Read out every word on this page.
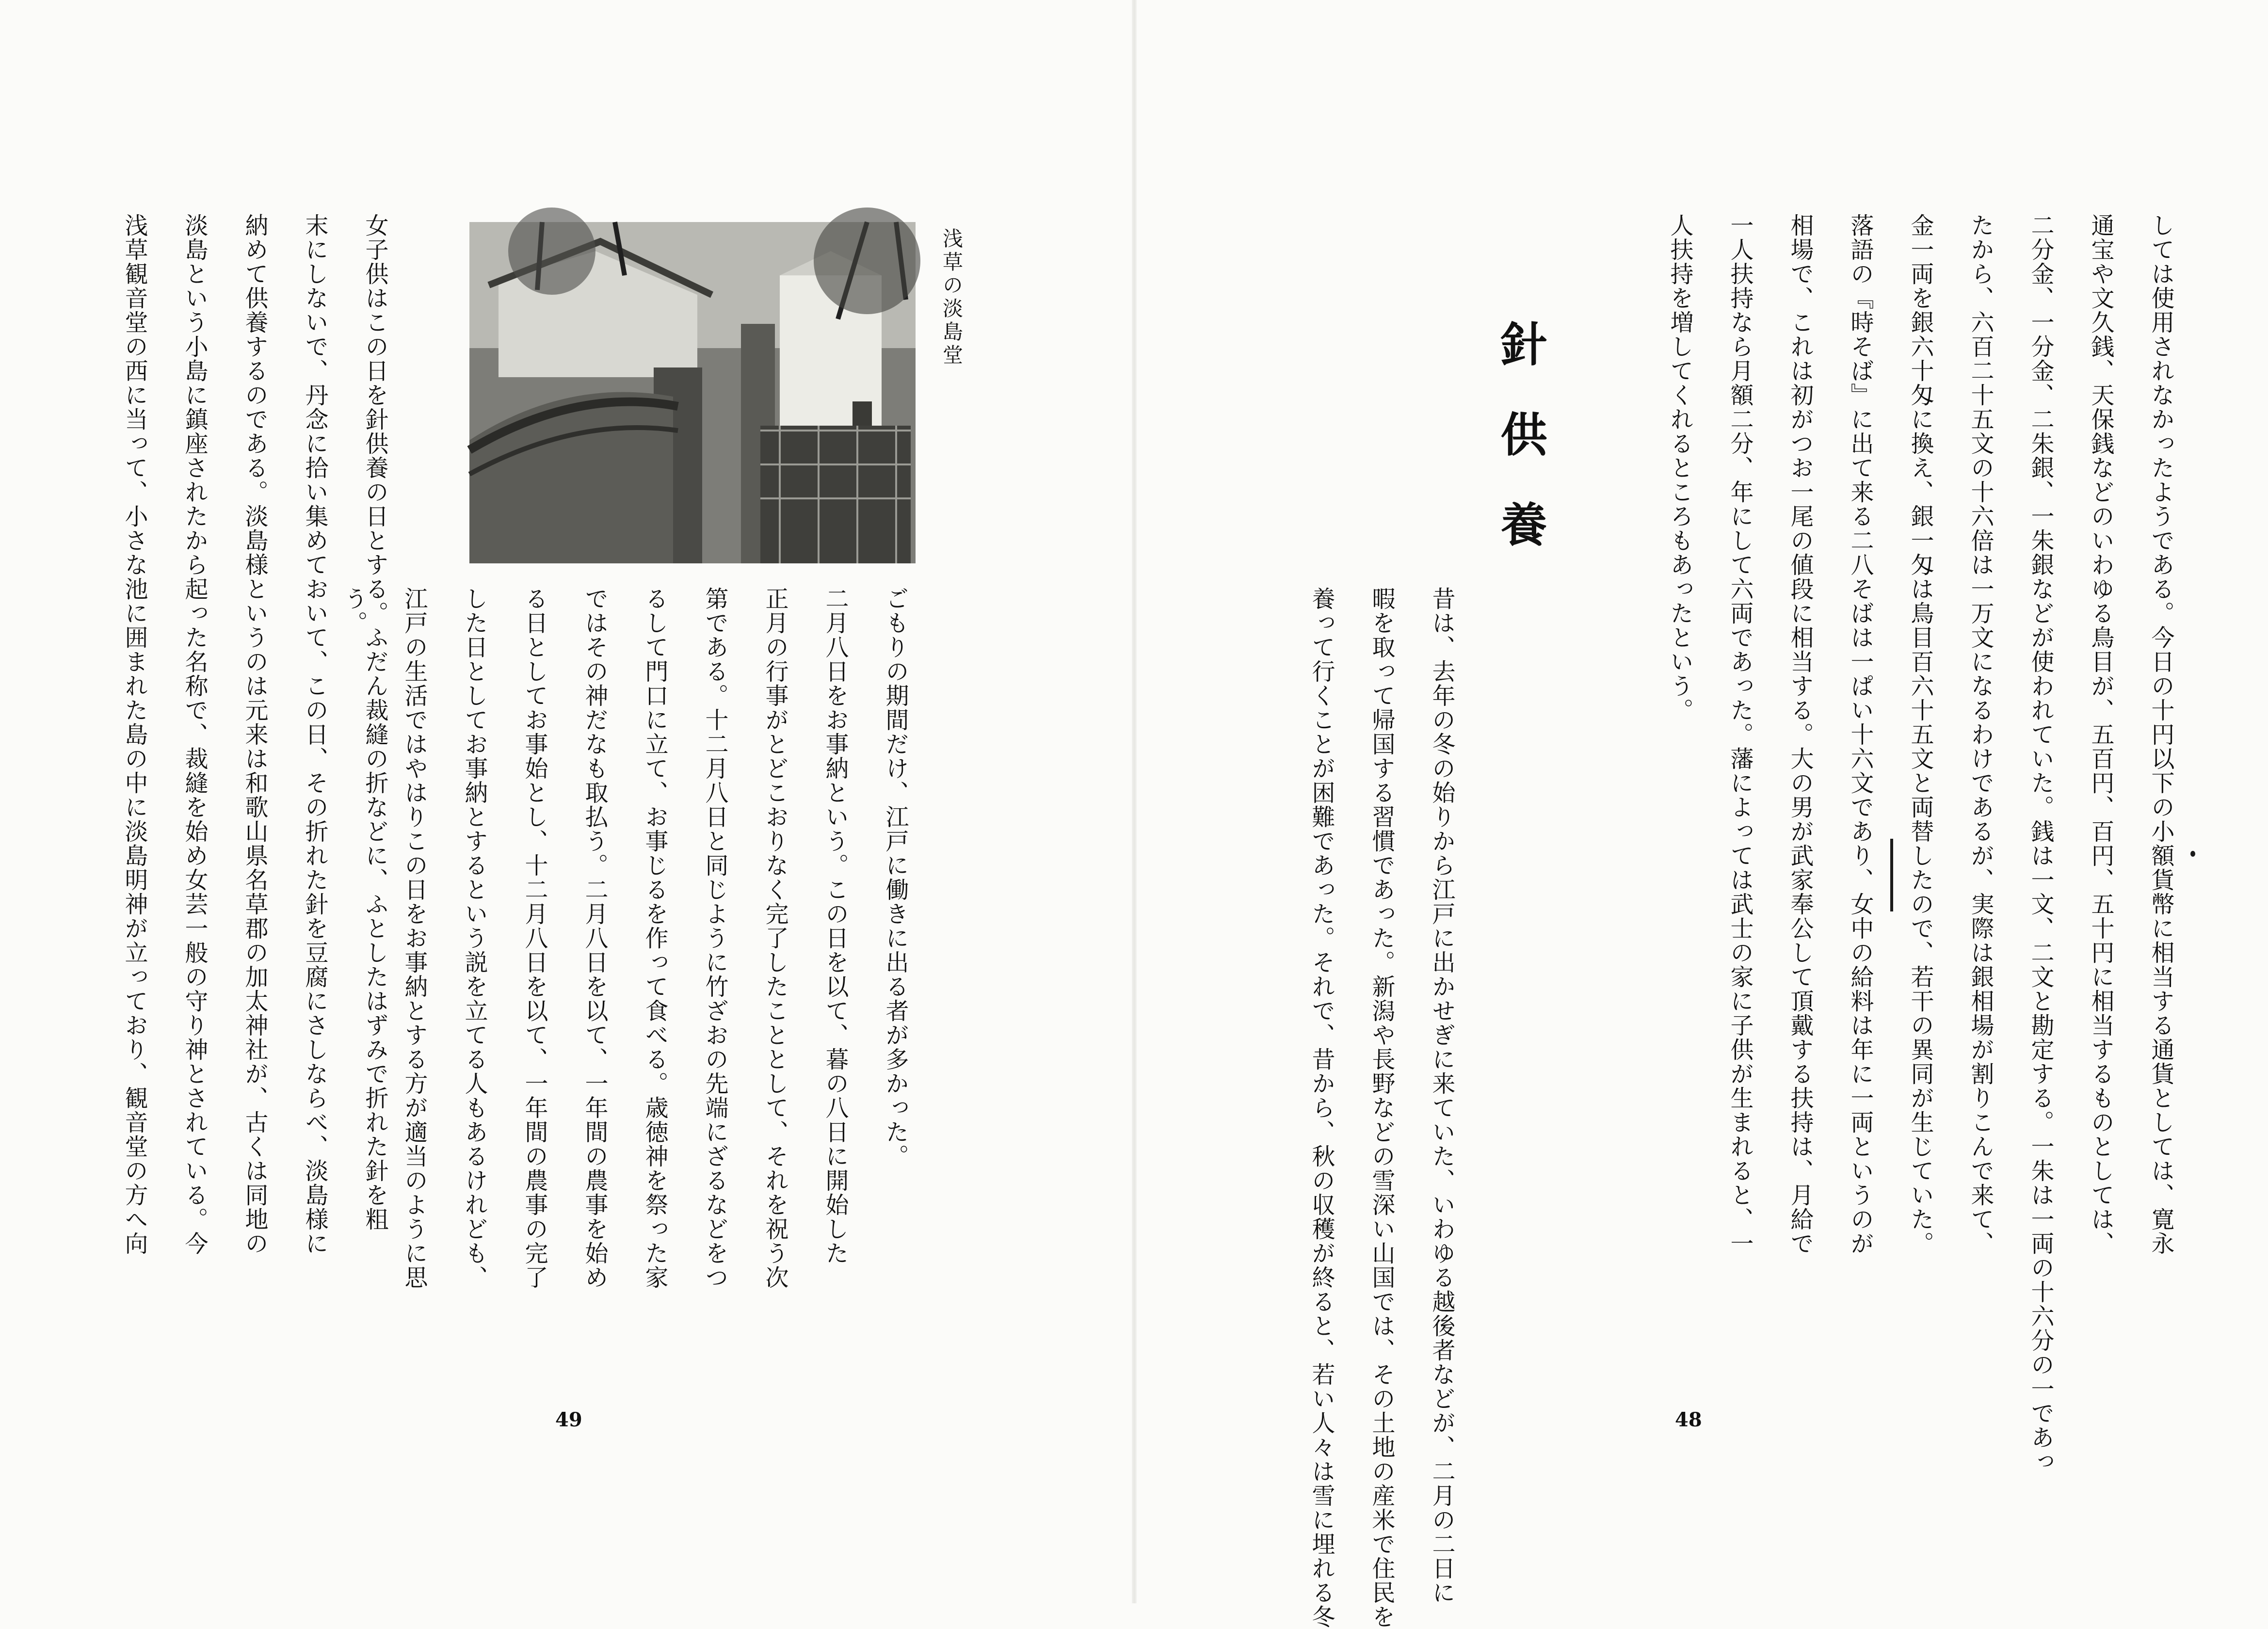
しては使用されなかったようである。今日の十円以下の小額貨幣に相当する通貨としては、寛永
通宝や文久銭、天保銭などのいわゆる鳥目が、五百円、百円、五十円に相当するものとしては、
二分金、一分金、二朱銀、一朱銀などが使われていた。銭は一文、二文と勘定する。一朱は一両の十六分の一であっ
たから、六百二十五文の十六倍は一万文になるわけであるが、実際は銀相場が割りこんで来て、
金一両を銀六十匁に換え、銀一匁は鳥目百六十五文と両替したので、若干の異同が生じていた。
落語の『時そば』に出て来る二八そばは一ぱい十六文であり、女中の給料は年に一両というのが
相場で、これは初がつお一尾の値段に相当する。大の男が武家奉公して頂戴する扶持は、月給で
一人扶持なら月額二分、年にして六両であった。藩によっては武士の家に子供が生まれると、一
人扶持を増してくれるところもあったという。

針供養

昔は、去年の冬の始りから江戸に出かせぎに来ていた、いわゆる越後者などが、二月の二日に
暇を取って帰国する習慣であった。新潟や長野などの雪深い山国では、その土地の産米で住民を
養って行くことが困難であった。それで、昔から、秋の収穫が終ると、若い人々は雪に埋れる冬	48
浅草の淡島堂

ごもりの期間だけ、江戸に働きに出る者が多かった。
二月八日をお事納という。この日を以て、暮の八日に開始した
正月の行事がとどこおりなく完了したこととして、それを祝う次
第である。十二月八日と同じように竹ざおの先端にざるなどをつ
るして門口に立て、お事じるを作って食べる。歳徳神を祭った家
ではその神だなも取払う。二月八日を以て、一年間の農事を始め
る日としてお事始とし、十二月八日を以て、一年間の農事の完了
した日としてお事納とするという説を立てる人もあるけれども、
江戸の生活ではやはりこの日をお事納とする方が適当のように思
う。

女子供はこの日を針供養の日とする。ふだん裁縫の折などに、ふとしたはずみで折れた針を粗
末にしないで、丹念に拾い集めておいて、この日、その折れた針を豆腐にさしならべ、淡島様に
納めて供養するのである。淡島様というのは元来は和歌山県名草郡の加太神社が、古くは同地の
淡島という小島に鎮座されたから起った名称で、裁縫を始め女芸一般の守り神とされている。今
浅草観音堂の西に当って、小さな池に囲まれた島の中に淡島明神が立っており、観音堂の方へ向

49
